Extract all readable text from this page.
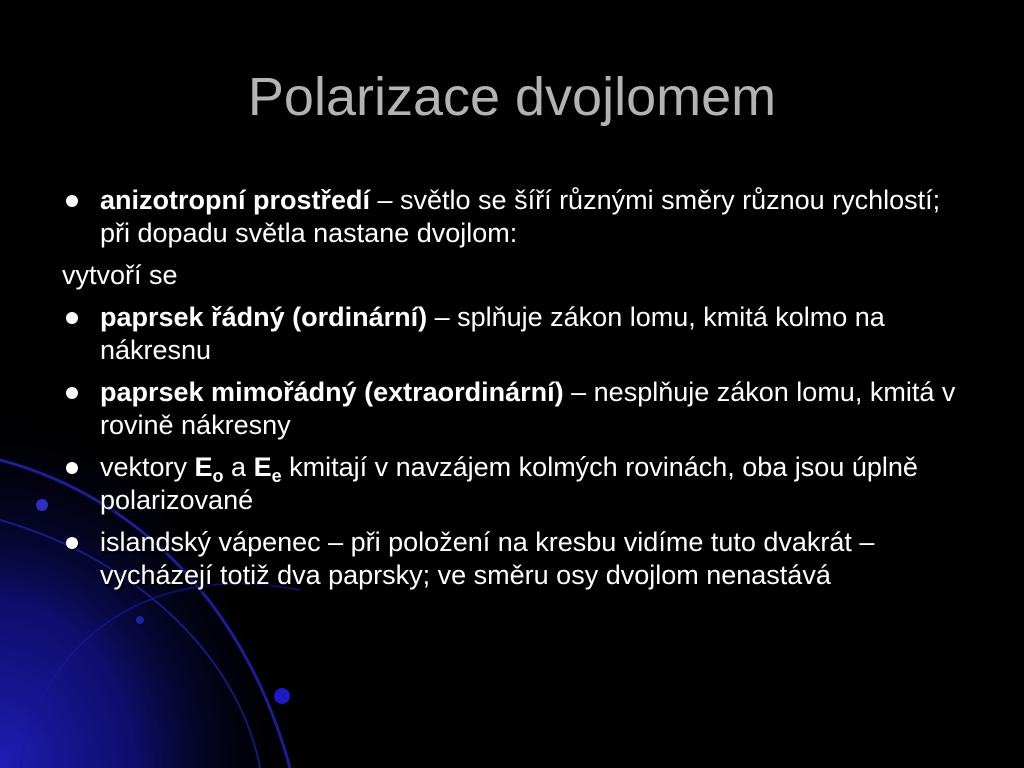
Polarizace dvojlomem
anizotropní prostředí – světlo se šíří různými směry různou rychlostí; při dopadu světla nastane dvojlom:
vytvoří se
paprsek řádný (ordinární) – splňuje zákon lomu, kmitá kolmo na nákresnu
paprsek mimořádný (extraordinární) – nesplňuje zákon lomu, kmitá v rovině nákresny
vektory $E_o$ a $E_e$ kmitají v navzájem kolmých rovinách, oba jsou úplně polarizované
islandský vápenec – při položení na kresbu vidíme tuto dvakrát – vycházejí totiž dva paprsky; ve směru osy dvojlom nenastává
